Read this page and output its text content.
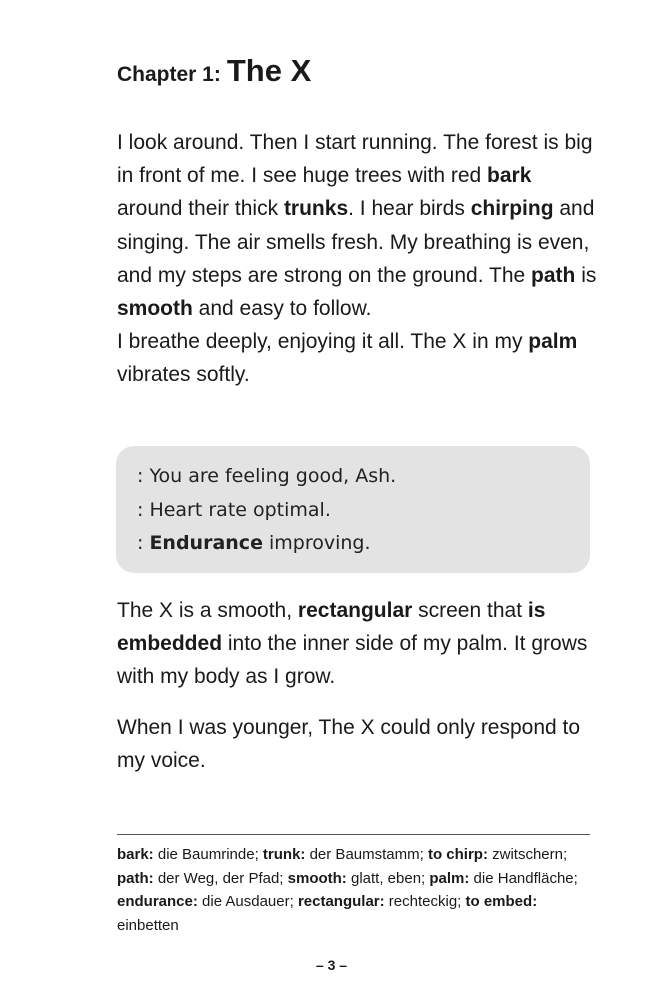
Chapter 1: The X

I look around. Then I start running. The forest is big in front of me. I see huge trees with red bark around their thick trunks. I hear birds chirping and singing. The air smells fresh. My breathing is even, and my steps are strong on the ground. The path is smooth and easy to follow.

I breathe deeply, enjoying it all. The X in my palm vibrates softly.

: You are feeling good, Ash.
: Heart rate optimal.
: Endurance improving.

The X is a smooth, rectangular screen that is embedded into the inner side of my palm. It grows with my body as I grow.

When I was younger, The X could only respond to my voice.

bark: die Baumrinde; trunk: der Baumstamm; to chirp: zwitschern; path: der Weg, der Pfad; smooth: glatt, eben; palm: die Handfläche; endurance: die Ausdauer; rectangular: rechteckig; to embed: einbetten

– 3 –
